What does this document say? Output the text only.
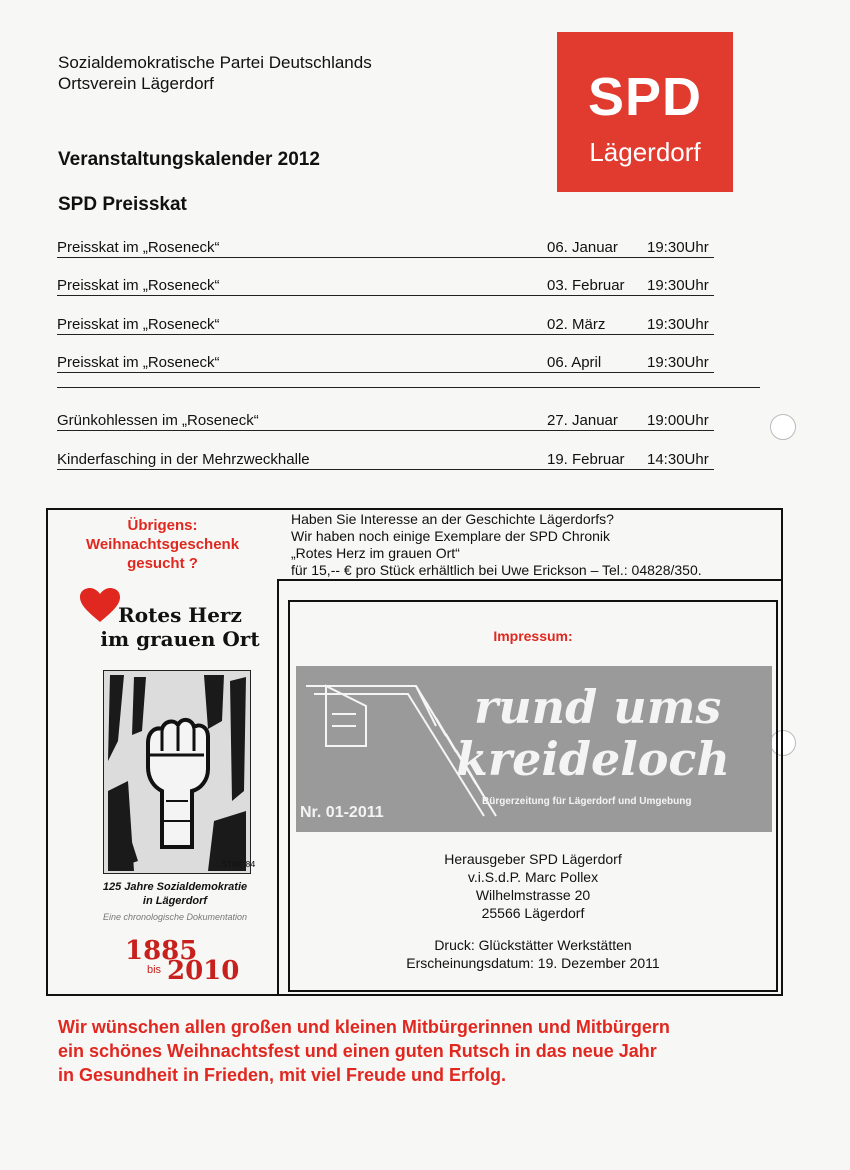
Sozialdemokratische Partei Deutschlands
Ortsverein Lägerdorf	SPD
Lägerdorf
Veranstaltungskalender 2012
SPD Preisskat
Preisskat im „Roseneck“	06. Januar	19:30Uhr
Preisskat im „Roseneck“	03. Februar	19:30Uhr
Preisskat im „Roseneck“	02. März	19:30Uhr
Preisskat im „Roseneck“	06. April	19:30Uhr
Grünkohlessen im „Roseneck“	27. Januar	19:00Uhr
Kinderfasching in der Mehrzweckhalle	19. Februar	14:30Uhr
Übrigens:
Weihnachtsgeschenk
gesucht ?
Haben Sie Interesse an der Geschichte Lägerdorfs?
Wir haben noch einige Exemplare der SPD Chronik
„Rotes Herz im grauen Ort“
für 15,-- € pro Stück erhältlich bei Uwe Erickson – Tel.: 04828/350.
Rotes Herz
im grauen Ort
STRK 84
125 Jahre Sozialdemokratie
in Lägerdorf
Eine chronologische Dokumentation
1885
bis 2010
Impressum:
rund ums
kreideloch
Nr. 01-2011
Bürgerzeitung für Lägerdorf und Umgebung
Herausgeber SPD Lägerdorf
v.i.S.d.P. Marc Pollex
Wilhelmstrasse 20
25566 Lägerdorf
Druck: Glückstätter Werkstätten
Erscheinungsdatum: 19. Dezember 2011
Wir wünschen allen großen und kleinen Mitbürgerinnen und Mitbürgern
ein schönes Weihnachtsfest und einen guten Rutsch in das neue Jahr
in Gesundheit in Frieden, mit viel Freude und Erfolg.
